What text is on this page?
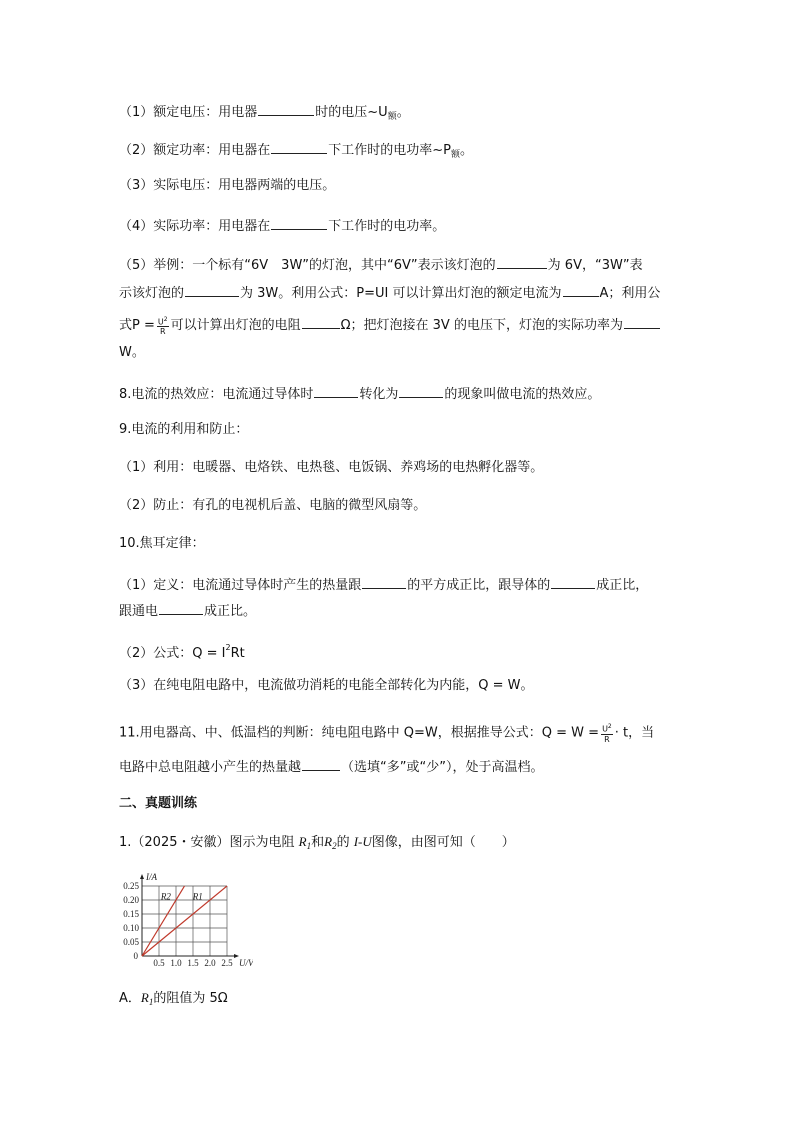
（1）额定电压：用电器	时的电压$\sim U_额$。
（2）额定功率：用电器在	下工作时的电功率$\sim P_额$。
（3）实际电压：用电器两端的电压。
（4）实际功率：用电器在	下工作时的电功率。
（5）举例：一个标有“6V　3W”的灯泡，其中“6V”表示该灯泡的	为 6V，“3W”表
示该灯泡的	为 3W。利用公式：P=UI 可以计算出灯泡的额定电流为	A；利用公
式$P = \frac{U^2}{R}$ 可以计算出灯泡的电阻	Ω；把灯泡接在 3V 的电压下，灯泡的实际功率为
W。
8.电流的热效应：电流通过导体时	转化为	的现象叫做电流的热效应。
9.电流的利用和防止：
（1）利用：电暖器、电烙铁、电热毯、电饭锅、养鸡场的电热孵化器等。
（2）防止：有孔的电视机后盖、电脑的微型风扇等。
10.焦耳定律：
（1）定义：电流通过导体时产生的热量跟	的平方成正比，跟导体的	成正比，
跟通电	成正比。
（2）公式：$Q = I^2Rt$
（3）在纯电阻电路中，电流做功消耗的电能全部转化为内能，Q = W。
11.用电器高、中、低温档的判断：纯电阻电路中 Q=W，根据推导公式：$Q = W = \frac{U^2}{R} \cdot t$，当
电路中总电阻越小产生的热量越	（选填“多”或“少”），处于高温档。
二、真题训练
1.（2025・安徽）图示为电阻 $R_1$和$R_2$的 I-U图像，由图可知（　　）
R2 R1
0.5 1.0 1.5 2.0 2.5
0.25
0.20
0.15
0.10
0.05
0
U/V
I/A
A．$R_1$的阻值为 5Ω
